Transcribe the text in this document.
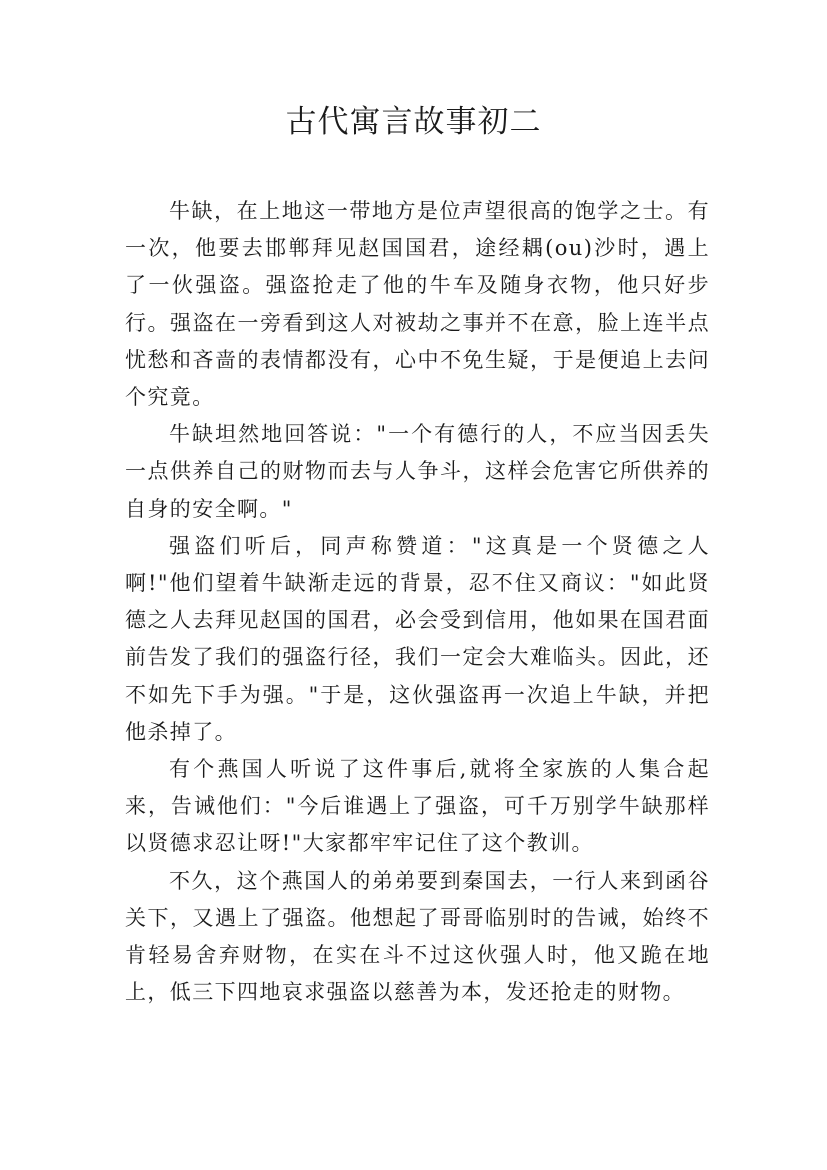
古代寓言故事初二

牛缺，在上地这一带地方是位声望很高的饱学之士。有一次，他要去邯郸拜见赵国国君，途经耦(ou)沙时，遇上了一伙强盗。强盗抢走了他的牛车及随身衣物，他只好步行。强盗在一旁看到这人对被劫之事并不在意，脸上连半点忧愁和吝啬的表情都没有，心中不免生疑，于是便追上去问个究竟。

牛缺坦然地回答说："一个有德行的人，不应当因丢失一点供养自己的财物而去与人争斗，这样会危害它所供养的自身的安全啊。"

强盗们听后，同声称赞道："这真是一个贤德之人啊!"他们望着牛缺渐走远的背景，忍不住又商议："如此贤德之人去拜见赵国的国君，必会受到信用，他如果在国君面前告发了我们的强盗行径，我们一定会大难临头。因此，还不如先下手为强。"于是，这伙强盗再一次追上牛缺，并把他杀掉了。

有个燕国人听说了这件事后,就将全家族的人集合起来，告诫他们："今后谁遇上了强盗，可千万别学牛缺那样以贤德求忍让呀!"大家都牢牢记住了这个教训。

不久，这个燕国人的弟弟要到秦国去，一行人来到函谷关下，又遇上了强盗。他想起了哥哥临别时的告诫，始终不肯轻易舍弃财物，在实在斗不过这伙强人时，他又跪在地上，低三下四地哀求强盗以慈善为本，发还抢走的财物。
